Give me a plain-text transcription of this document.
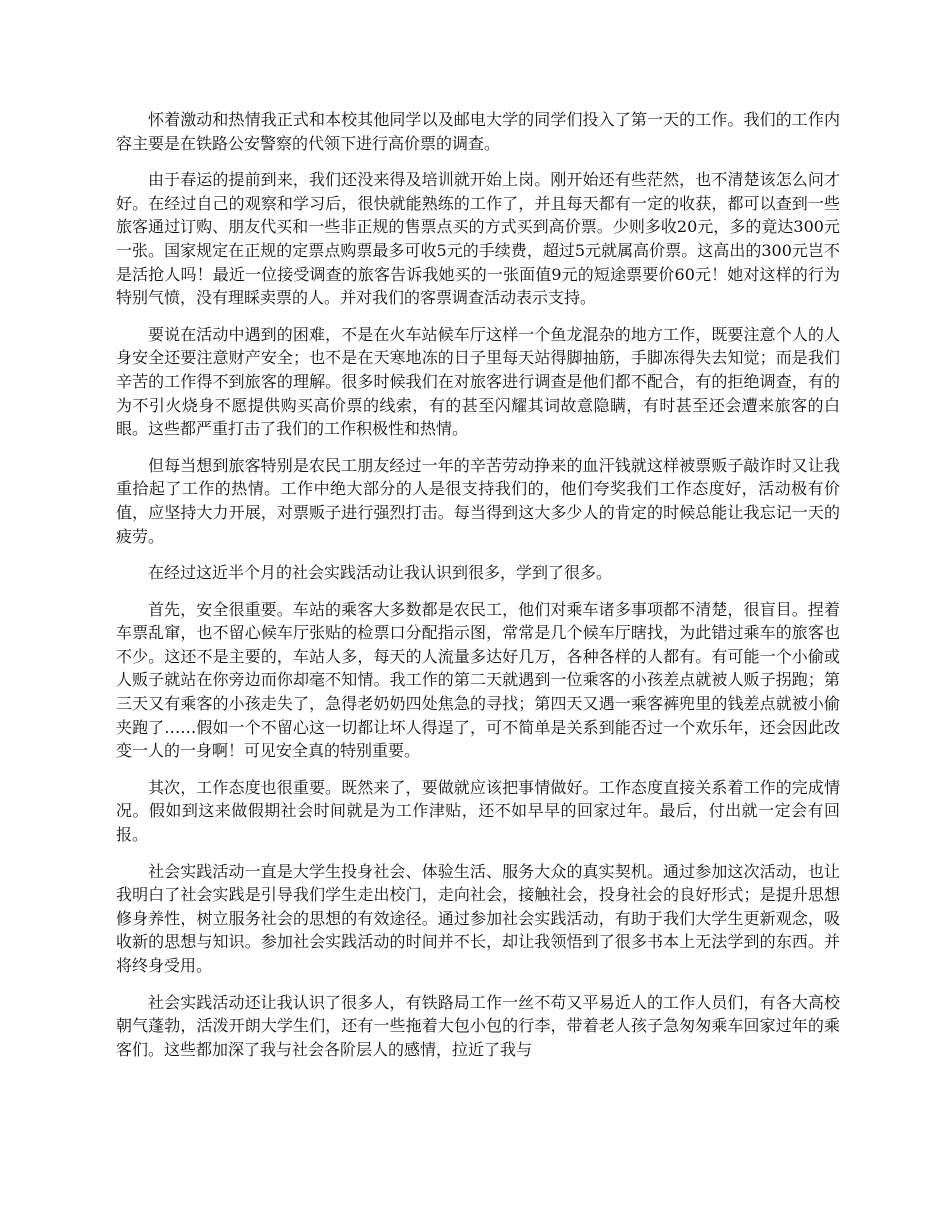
怀着激动和热情我正式和本校其他同学以及邮电大学的同学们投入了第一天的工作。我们的工作内容主要是在铁路公安警察的代领下进行高价票的调查。

由于春运的提前到来，我们还没来得及培训就开始上岗。刚开始还有些茫然，也不清楚该怎么问才好。在经过自己的观察和学习后，很快就能熟练的工作了，并且每天都有一定的收获，都可以查到一些旅客通过订购、朋友代买和一些非正规的售票点买的方式买到高价票。少则多收20元，多的竟达300元一张。国家规定在正规的定票点购票最多可收5元的手续费，超过5元就属高价票。这高出的300元岂不是活抢人吗！最近一位接受调查的旅客告诉我她买的一张面值9元的短途票要价60元！她对这样的行为特别气愤，没有理睬卖票的人。并对我们的客票调查活动表示支持。

要说在活动中遇到的困难，不是在火车站候车厅这样一个鱼龙混杂的地方工作，既要注意个人的人身安全还要注意财产安全；也不是在天寒地冻的日子里每天站得脚抽筋，手脚冻得失去知觉；而是我们辛苦的工作得不到旅客的理解。很多时候我们在对旅客进行调查是他们都不配合，有的拒绝调查，有的为不引火烧身不愿提供购买高价票的线索，有的甚至闪耀其词故意隐瞒，有时甚至还会遭来旅客的白眼。这些都严重打击了我们的工作积极性和热情。

但每当想到旅客特别是农民工朋友经过一年的辛苦劳动挣来的血汗钱就这样被票贩子敲诈时又让我重拾起了工作的热情。工作中绝大部分的人是很支持我们的，他们夸奖我们工作态度好，活动极有价值，应坚持大力开展，对票贩子进行强烈打击。每当得到这大多少人的肯定的时候总能让我忘记一天的疲劳。

在经过这近半个月的社会实践活动让我认识到很多，学到了很多。

首先，安全很重要。车站的乘客大多数都是农民工，他们对乘车诸多事项都不清楚，很盲目。捏着车票乱窜，也不留心候车厅张贴的检票口分配指示图，常常是几个候车厅瞎找，为此错过乘车的旅客也不少。这还不是主要的，车站人多，每天的人流量多达好几万，各种各样的人都有。有可能一个小偷或人贩子就站在你旁边而你却毫不知情。我工作的第二天就遇到一位乘客的小孩差点就被人贩子拐跑；第三天又有乘客的小孩走失了，急得老奶奶四处焦急的寻找；第四天又遇一乘客裤兜里的钱差点就被小偷夹跑了……假如一个不留心这一切都让坏人得逞了，可不简单是关系到能否过一个欢乐年，还会因此改变一人的一身啊！可见安全真的特别重要。

其次，工作态度也很重要。既然来了，要做就应该把事情做好。工作态度直接关系着工作的完成情况。假如到这来做假期社会时间就是为工作津贴，还不如早早的回家过年。最后，付出就一定会有回报。

社会实践活动一直是大学生投身社会、体验生活、服务大众的真实契机。通过参加这次活动，也让我明白了社会实践是引导我们学生走出校门，走向社会，接触社会，投身社会的良好形式；是提升思想修身养性，树立服务社会的思想的有效途径。通过参加社会实践活动，有助于我们大学生更新观念，吸收新的思想与知识。参加社会实践活动的时间并不长，却让我领悟到了很多书本上无法学到的东西。并将终身受用。

社会实践活动还让我认识了很多人，有铁路局工作一丝不苟又平易近人的工作人员们，有各大高校朝气蓬勃，活泼开朗大学生们，还有一些拖着大包小包的行李，带着老人孩子急匆匆乘车回家过年的乘客们。这些都加深了我与社会各阶层人的感情，拉近了我与
